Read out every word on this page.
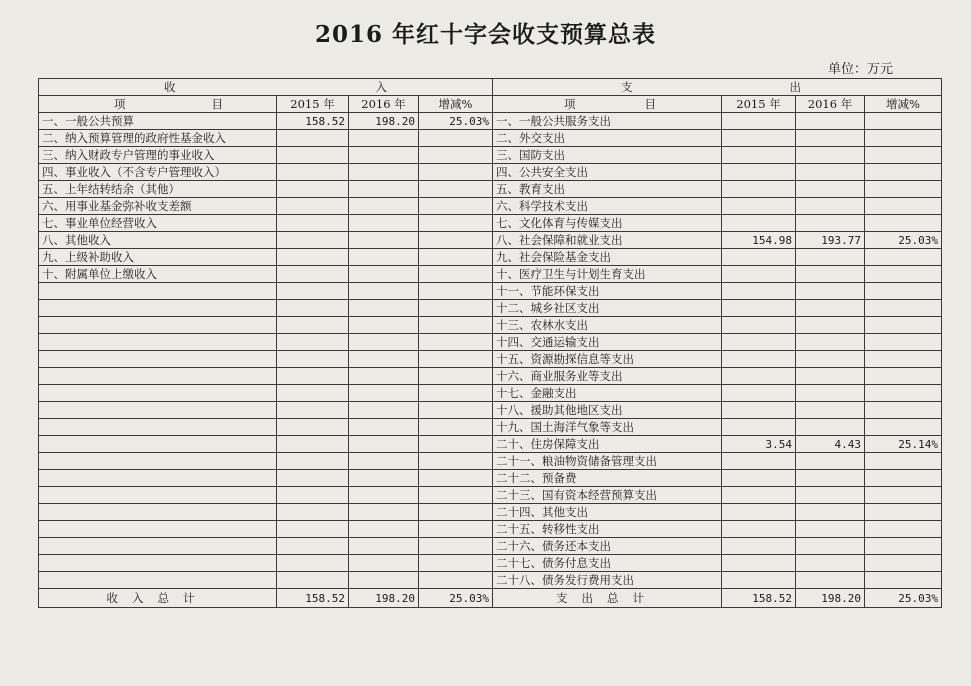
2016 年红十字会收支预算总表
单位：万元
收 入				支 出			

项 目	2015 年	2016 年	增减%	项 目	2015 年	2016 年	增减%
一、一般公共预算	158.52	198.20	25.03%	一、一般公共服务支出			
二、纳入预算管理的政府性基金收入				二、外交支出			
三、纳入财政专户管理的事业收入				三、国防支出			
四、事业收入（不含专户管理收入）				四、公共安全支出			
五、上年结转结余（其他）				五、教育支出			
六、用事业基金弥补收支差额				六、科学技术支出			
七、事业单位经营收入				七、文化体育与传媒支出			
八、其他收入				八、社会保障和就业支出	154.98	193.77	25.03%
九、上级补助收入				九、社会保险基金支出			
十、附属单位上缴收入				十、医疗卫生与计划生育支出			
				十一、节能环保支出			
				十二、城乡社区支出			
				十三、农林水支出			
				十四、交通运输支出			
				十五、资源勘探信息等支出			
				十六、商业服务业等支出			
				十七、金融支出			
				十八、援助其他地区支出			
				十九、国土海洋气象等支出			
				二十、住房保障支出	3.54	4.43	25.14%
				二十一、粮油物资储备管理支出			
				二十二、预备费			
				二十三、国有资本经营预算支出			
				二十四、其他支出			
				二十五、转移性支出			
				二十六、债务还本支出			
				二十七、债务付息支出			
				二十八、债务发行费用支出			
收入总计	158.52	198.20	25.03%	支出总计	158.52	198.20	25.03%
